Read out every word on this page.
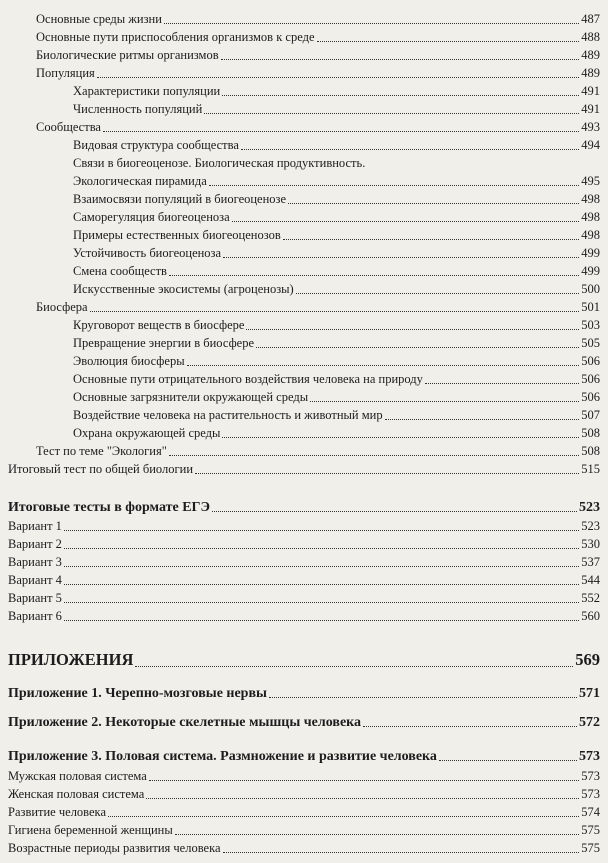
Основные среды жизни	487
Основные пути приспособления организмов к среде	488
Биологические ритмы организмов	489
Популяция	489
Характеристики популяции	491
Численность популяций	491
Сообщества	493
Видовая структура сообщества	494
Связи в биогеоценозе. Биологическая продуктивность.
Экологическая пирамида	495
Взаимосвязи популяций в биогеоценозе	498
Саморегуляция биогеоценоза	498
Примеры естественных биогеоценозов	498
Устойчивость биогеоценоза	499
Смена сообществ	499
Искусственные экосистемы (агроценозы)	500
Биосфера	501
Круговорот веществ в биосфере	503
Превращение энергии в биосфере	505
Эволюция биосферы	506
Основные пути отрицательного воздействия человека на природу	506
Основные загрязнители окружающей среды	506
Воздействие человека на растительность и животный мир	507
Охрана окружающей среды	508
Тест по теме "Экология"	508
Итоговый тест по общей биологии	515
Итоговые тесты в формате ЕГЭ	523
Вариант 1	523
Вариант 2	530
Вариант 3	537
Вариант 4	544
Вариант 5	552
Вариант 6	560
ПРИЛОЖЕНИЯ	569
Приложение 1. Черепно-мозговые нервы	571
Приложение 2. Некоторые скелетные мышцы человека	572
Приложение 3. Половая система. Размножение и развитие человека	573
Мужская половая система	573
Женская половая система	573
Развитие человека	574
Гигиена беременной женщины	575
Возрастные периоды развития человека	575
